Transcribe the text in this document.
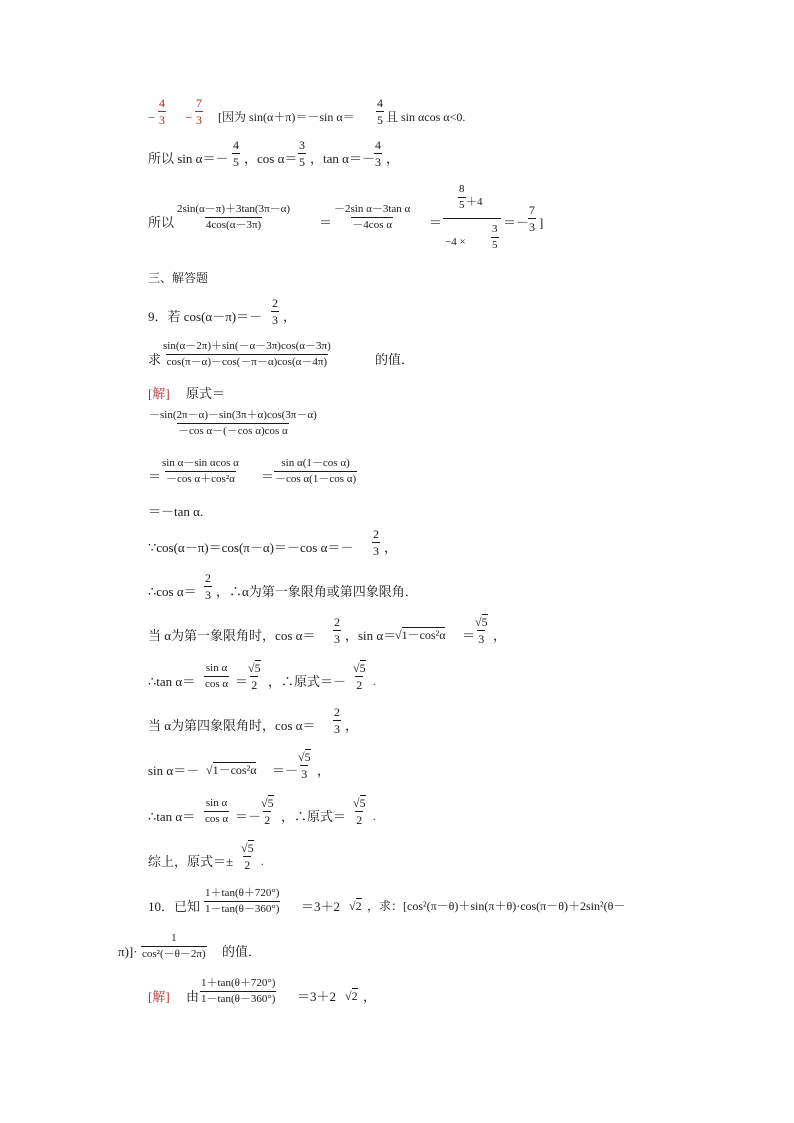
− $\frac{4}{3} - \frac{7}{3}$ [因为 sin(α＋π)＝－sin $\alpha= \frac{4}{5}$ 且 sin αcos α<0.
所以 $\sin \alpha=- \frac{4}{5}$ ，$\cos \alpha= \frac{3}{5}$ ，$\tan \alpha=- \frac{4}{3}$ ，
所以 $\frac{2\sin(\alpha-\pi)+3\tan(3\pi-\alpha)}{4\cos(\alpha-3\pi)} = \frac{\text{－2sin α－3tan α}}{\text{－4cos α}}$ ＝
$\frac{8}{5} +4$
$-4 \times \frac{3}{5}$
＝－
$\frac{7}{3}$ ]
三、解答题
9．若 $\cos(\alpha-\pi)=- \frac{2}{3}$ ，
求 $\frac{\sin(\alpha-2\pi)+\sin(-\alpha-3\pi)\cos(\alpha-3\pi)}{\cos(\pi-\alpha)-\cos(-\pi-\alpha)\cos(\alpha-4\pi)}$	的值．
[解] 原式＝
$\frac{-\sin(2\pi-\alpha)-\sin(3\pi+\alpha)\cos(3\pi-\alpha)}{\text{－cos α－(－cos α)cos α}}$
＝ $\frac{\text{sin α－sin αcos α}}{\text{－cos α＋cos²α}} = \frac{\text{sin α(1－cos α)}}{\text{－cos α(1－cos α)}}$
＝－tan α.
∵cos(α－π)＝cos(π－α)＝－cos $\alpha=- \frac{2}{3}$ ，
∴cos $\alpha= \frac{2}{3}$ ，∴α为第一象限角或第四象限角．
当 α为第一象限角时，$\cos \alpha= \frac{2}{3}$ ，sin α＝
√1－cos²α ＝
$\frac{√5}{3}$ ，
∴tan $\alpha= \frac{\text{sin α}}{\text{cos α}}$ ＝
$\frac{√5}{2}$ ，∴原式＝－ $\frac{√5}{2}$ .
当 α为第四象限角时，$\cos \alpha= \frac{2}{3}$ ，
sin α＝－ √1－cos²α ＝－
$\frac{√5}{3}$ ，
∴tan $\alpha= \frac{\text{sin α}}{\text{cos α}}$ ＝－
$\frac{√5}{2}$ ，∴原式＝ $\frac{√5}{2}$ .
综上，原式＝± $\frac{√5}{2}$ .
10．已知 $\frac{1+\tan(\theta+720^\circ)}{1-\tan(\theta-360^\circ)} =3+2$ √2 ，求：[cos²(π－θ)＋sin(π＋θ)·cos(π－θ)＋2sin²(θ－
$\pi)]\cdot \frac{1}{\text{cos²(－θ－2π)}}$ 的值．
[解] 由 $\frac{1+\tan(\theta+720^\circ)}{1-\tan(\theta-360^\circ)} =3+2$ √2 ，
